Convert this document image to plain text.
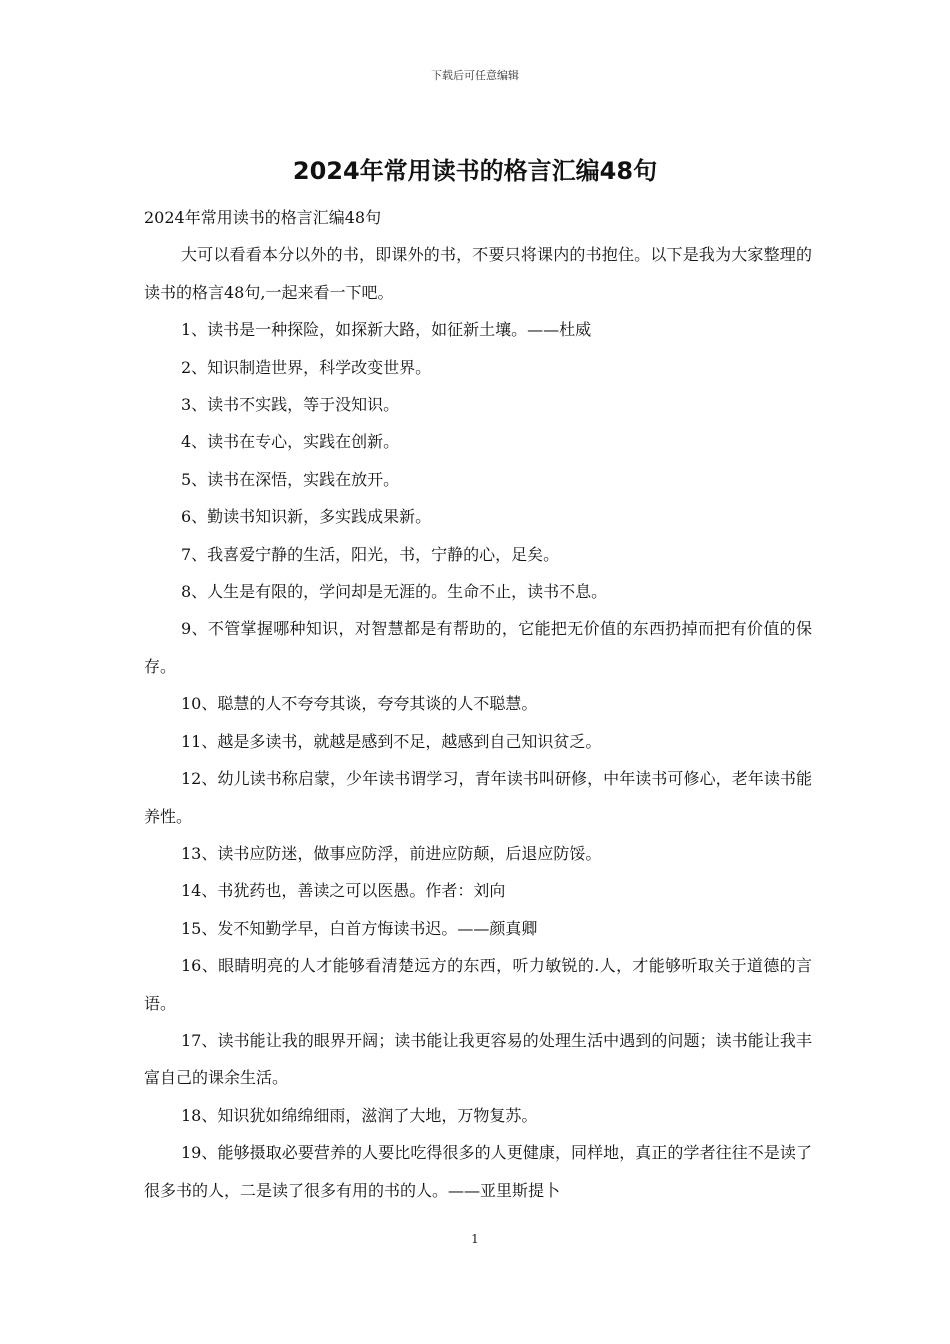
下载后可任意编辑
2024年常用读书的格言汇编48句

2024年常用读书的格言汇编48句

大可以看看本分以外的书，即课外的书，不要只将课内的书抱住。以下是我为大家整理的读书的格言48句,一起来看一下吧。

1、读书是一种探险，如探新大路，如征新土壤。——杜威

2、知识制造世界，科学改变世界。

3、读书不实践，等于没知识。

4、读书在专心，实践在创新。

5、读书在深悟，实践在放开。

6、勤读书知识新，多实践成果新。

7、我喜爱宁静的生活，阳光，书，宁静的心，足矣。

8、人生是有限的，学问却是无涯的。生命不止，读书不息。

9、不管掌握哪种知识，对智慧都是有帮助的，它能把无价值的东西扔掉而把有价值的保存。

10、聪慧的人不夸夸其谈，夸夸其谈的人不聪慧。

11、越是多读书，就越是感到不足，越感到自己知识贫乏。

12、幼儿读书称启蒙，少年读书谓学习，青年读书叫研修，中年读书可修心，老年读书能养性。

13、读书应防迷，做事应防浮，前进应防颠，后退应防馁。

14、书犹药也，善读之可以医愚。作者：刘向

15、发不知勤学早，白首方悔读书迟。——颜真卿

16、眼睛明亮的人才能够看清楚远方的东西，听力敏锐的.人，才能够听取关于道德的言语。

17、读书能让我的眼界开阔；读书能让我更容易的处理生活中遇到的问题；读书能让我丰富自己的课余生活。

18、知识犹如绵绵细雨，滋润了大地，万物复苏。

19、能够摄取必要营养的人要比吃得很多的人更健康，同样地，真正的学者往往不是读了很多书的人，二是读了很多有用的书的人。——亚里斯提卜

1
